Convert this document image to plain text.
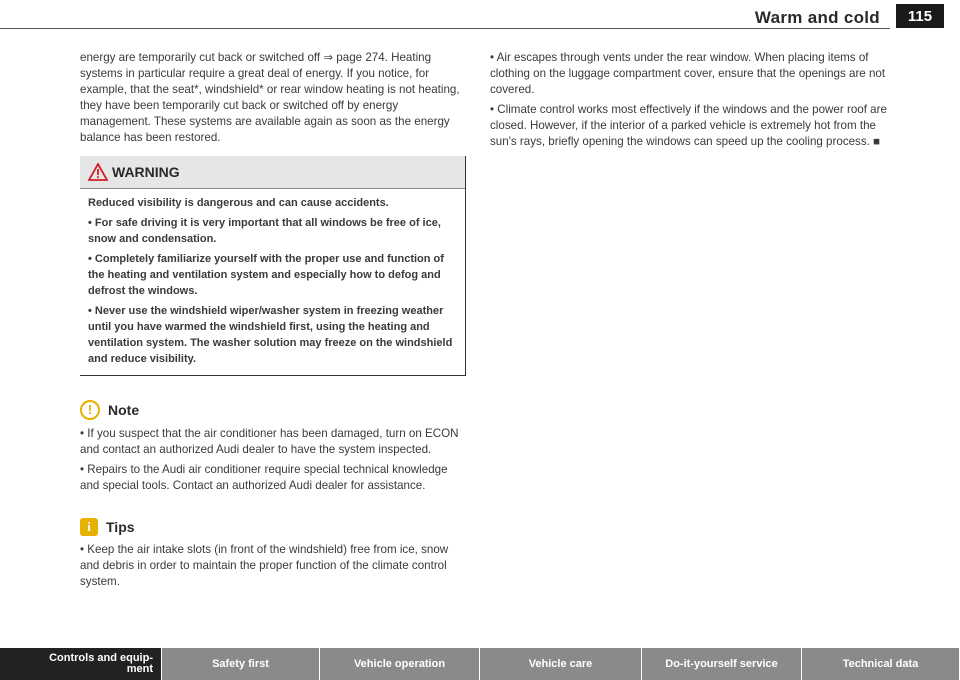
Warm and cold	115

energy are temporarily cut back or switched off ⇒ page 274. Heating systems in particular require a great deal of energy. If you notice, for example, that the seat*, windshield* or rear window heating is not heating, they have been temporarily cut back or switched off by energy management. These systems are available again as soon as the energy balance has been restored.

WARNING

Reduced visibility is dangerous and can cause accidents.

• For safe driving it is very important that all windows be free of ice, snow and condensation.
• Completely familiarize yourself with the proper use and function of the heating and ventilation system and especially how to defog and defrost the windows.
• Never use the windshield wiper/washer system in freezing weather until you have warmed the windshield first, using the heating and ventilation system. The washer solution may freeze on the windshield and reduce visibility.
!	Note
• If you suspect that the air conditioner has been damaged, turn on ECON and contact an authorized Audi dealer to have the system inspected.
• Repairs to the Audi air conditioner require special technical knowledge and special tools. Contact an authorized Audi dealer for assistance.
i	Tips
• Keep the air intake slots (in front of the windshield) free from ice, snow and debris in order to maintain the proper function of the climate control system.
• Air escapes through vents under the rear window. When placing items of clothing on the luggage compartment cover, ensure that the openings are not covered.
• Climate control works most effectively if the windows and the power roof are closed. However, if the interior of a parked vehicle is extremely hot from the sun's rays, briefly opening the windows can speed up the cooling process. ■
Controls and equip-
ment	Safety first	Vehicle operation	Vehicle care	Do-it-yourself service	Technical data
